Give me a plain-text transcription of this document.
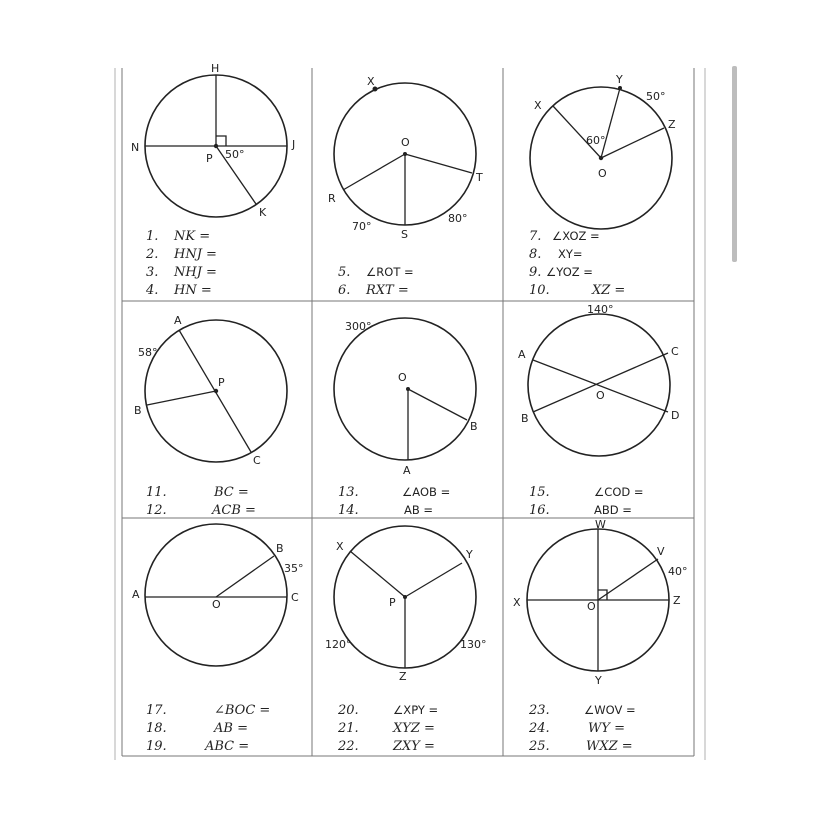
H
N	J
K
P 50°
X
O
R
T
S
70°
80°
X
Y
Z
O
60°
50°
A
B
C
P
58°
O
A
B
300°
A
B
C
D
O
140°
A
B
C
O
35°
X
Y
Z
P
120°	130°
W
V
X	Z
Y
O
40°
1. NK =
2. HNJ =
3. NHJ =
4. HN =
5. ∠ROT =
6. RXT =
7. ∠XOZ =
8. XY=
9. ∠YOZ =
10.	XZ =
11.	BC =
12.	ACB =
13.	∠AOB =
14.	AB =
15.	∠COD =
16.	ABD =
17.	∠BOC =
18.	AB =
19.	ABC =
20.	∠XPY =
21.	XYZ =
22.	ZXY =
23.	∠WOV =
24.	WY =
25.	WXZ =
